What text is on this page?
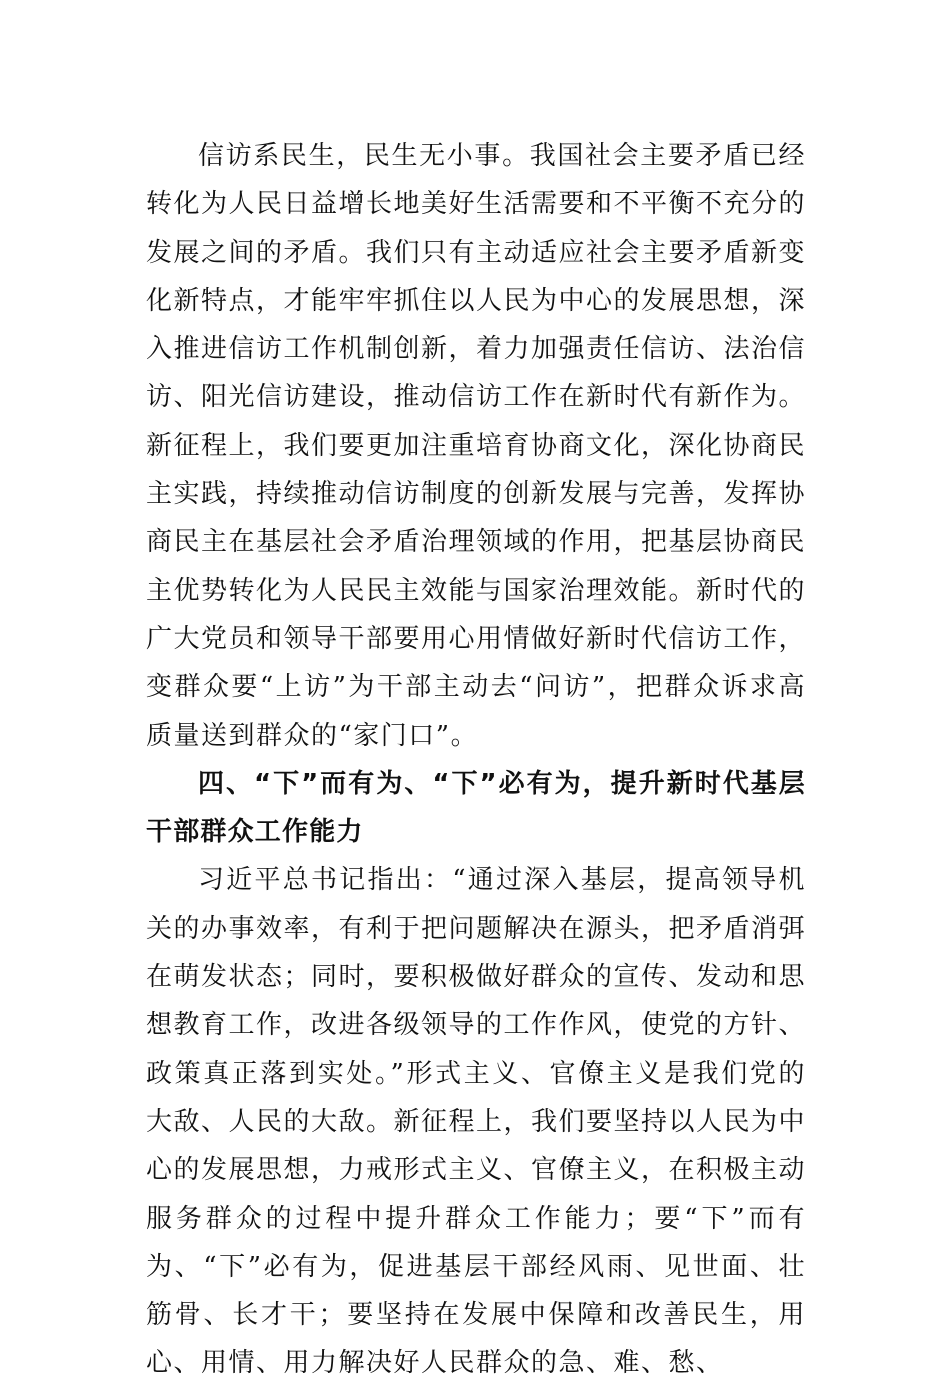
信访系民生，民生无小事。我国社会主要矛盾已经转化为人民日益增长地美好生活需要和不平衡不充分的发展之间的矛盾。我们只有主动适应社会主要矛盾新变化新特点，才能牢牢抓住以人民为中心的发展思想，深入推进信访工作机制创新，着力加强责任信访、法治信访、阳光信访建设，推动信访工作在新时代有新作为。新征程上，我们要更加注重培育协商文化，深化协商民主实践，持续推动信访制度的创新发展与完善，发挥协商民主在基层社会矛盾治理领域的作用，把基层协商民主优势转化为人民民主效能与国家治理效能。新时代的广大党员和领导干部要用心用情做好新时代信访工作，变群众要“上访”为干部主动去“问访”，把群众诉求高质量送到群众的“家门口”。

四、“下”而有为、“下”必有为，提升新时代基层干部群众工作能力

习近平总书记指出：“通过深入基层，提高领导机关的办事效率，有利于把问题解决在源头，把矛盾消弭在萌发状态；同时，要积极做好群众的宣传、发动和思想教育工作，改进各级领导的工作作风，使党的方针、政策真正落到实处。”形式主义、官僚主义是我们党的大敌、人民的大敌。新征程上，我们要坚持以人民为中心的发展思想，力戒形式主义、官僚主义，在积极主动服务群众的过程中提升群众工作能力；要“下”而有为、“下”必有为，促进基层干部经风雨、见世面、壮筋骨、长才干；要坚持在发展中保障和改善民生，用心、用情、用力解决好人民群众的急、难、愁、
